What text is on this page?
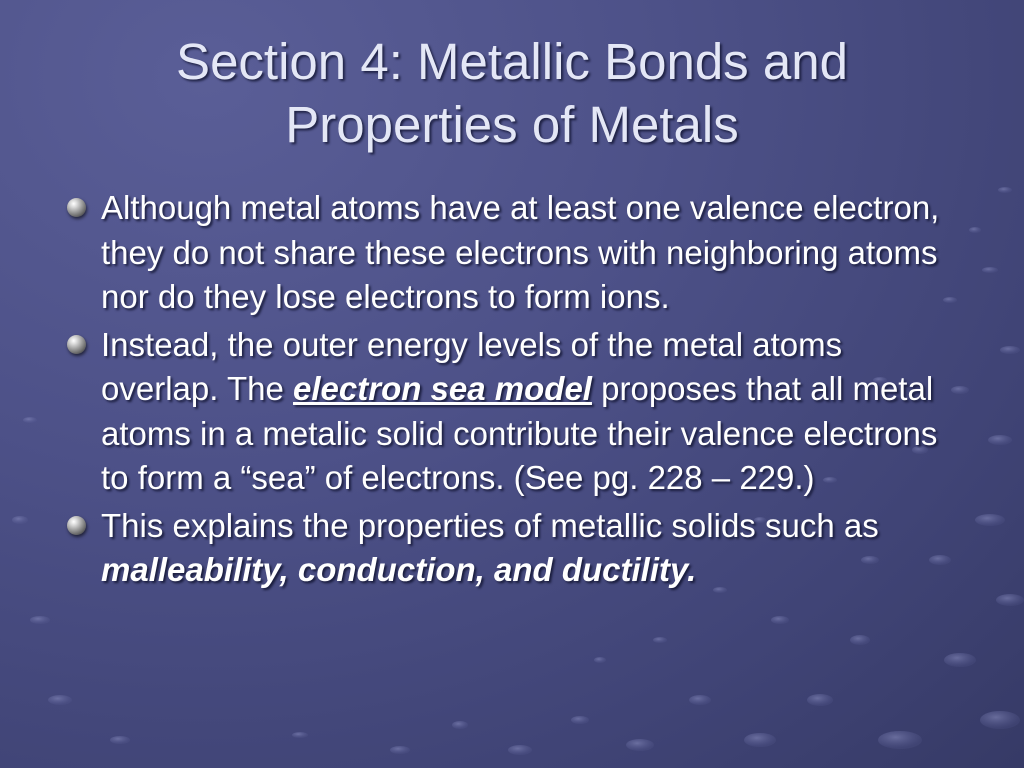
Section 4: Metallic Bonds and
Properties of Metals
Although metal atoms have at least one valence electron, they do not share these electrons with neighboring atoms nor do they lose electrons to form ions.
Instead, the outer energy levels of the metal atoms overlap. The electron sea model proposes that all metal atoms in a metalic solid contribute their valence electrons to form a “sea” of electrons. (See pg. 228 – 229.)
This explains the properties of metallic solids such as malleability, conduction, and ductility.
